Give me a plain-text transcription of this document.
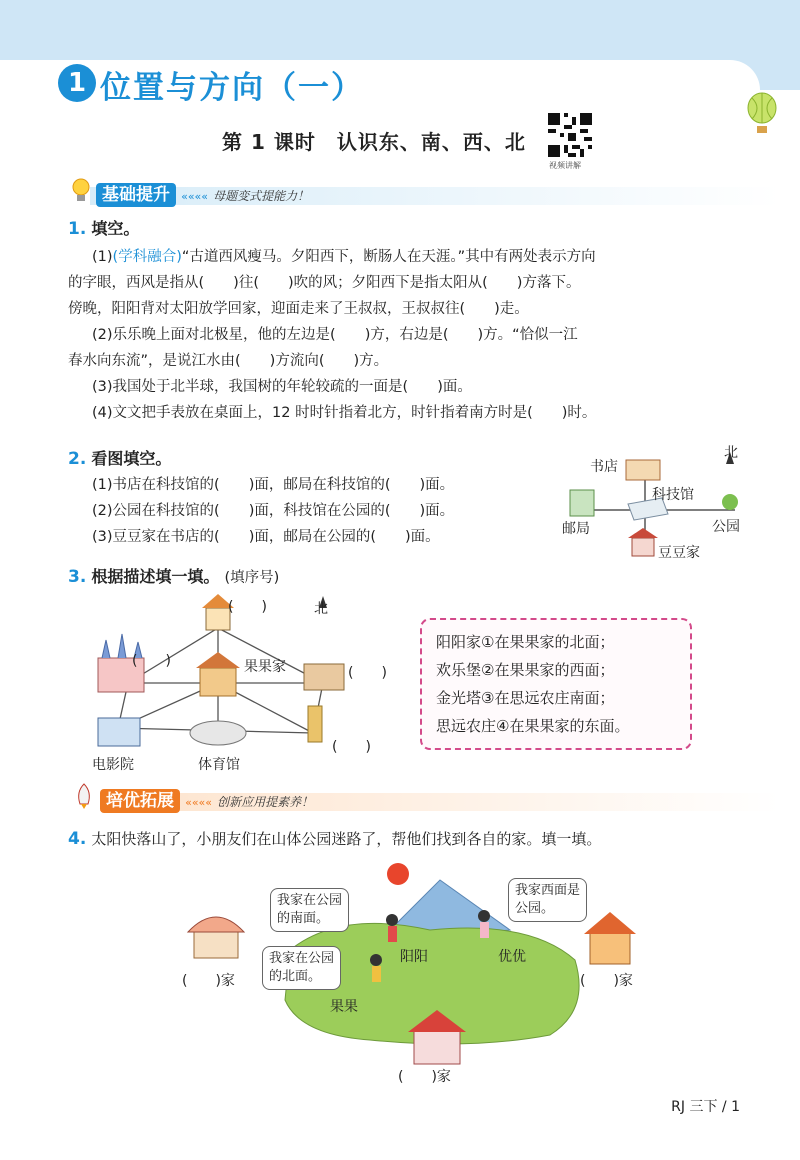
1 位置与方向（一）
第 1 课时　认识东、南、西、北
视频讲解
基础提升 «««« 母题变式提能力！
1. 填空。
(1)(学科融合)“古道西风瘦马。夕阳西下，断肠人在天涯。”其中有两处表示方向
的字眼，西风是指从(　　)往(　　)吹的风；夕阳西下是指太阳从(　　)方落下。
傍晚，阳阳背对太阳放学回家，迎面走来了王叔叔，王叔叔往(　　)走。
(2)乐乐晚上面对北极星，他的左边是(　　)方，右边是(　　)方。“恰似一江
春水向东流”，是说江水由(　　)方流向(　　)方。
(3)我国处于北半球，我国树的年轮较疏的一面是(　　)面。
(4)文文把手表放在桌面上，12 时时针指着北方，时针指着南方时是(　　)时。
2. 看图填空。
(1)书店在科技馆的(　　)面，邮局在科技馆的(　　)面。
(2)公园在科技馆的(　　)面，科技馆在公园的(　　)面。
(3)豆豆家在书店的(　　)面，邮局在公园的(　　)面。
北
书店
科技馆
邮局	公园
豆豆家
3. 根据描述填一填。 (填序号)
(　　)	北
(　　)	果果家	(　　)
(　　)
电影院	体育馆
阳阳家①在果果家的北面；
欢乐堡②在果果家的西面；
金光塔③在思远农庄南面；
思远农庄④在果果家的东面。
培优拓展 «««« 创新应用提素养！
4. 太阳快落山了，小朋友们在山体公园迷路了，帮他们找到各自的家。填一填。
我家在公园
的南面。
我家西面是
公园。
我家在公园
的北面。
阳阳	优优
果果
(　　)家	(　　)家
(　　)家
RJ 三下 / 1
